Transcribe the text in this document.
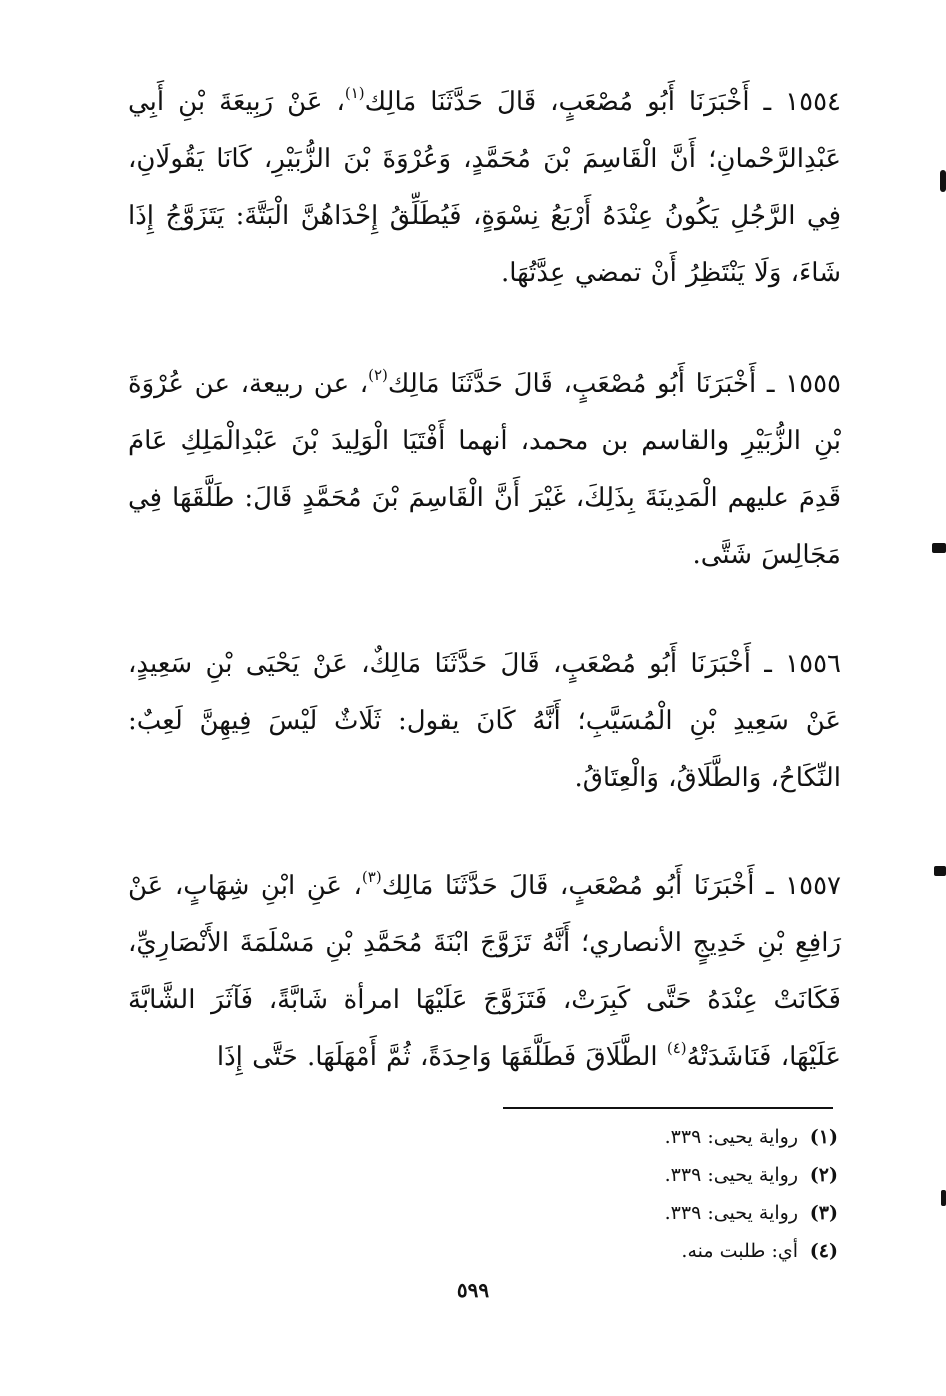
١٥٥٤ ـ أَخْبَرَنَا أَبُو مُصْعَبٍ، قَالَ حَدَّثَنَا مَالِك$^{(١)}$، عَنْ رَبِيعَةَ بْنِ أَبِي عَبْدِالرَّحْمانِ؛ أَنَّ الْقَاسِمَ بْنَ مُحَمَّدٍ، وَعُرْوَةَ بْنَ الزُّبَيْرِ، كَانَا يَقُولَانِ، فِي الرَّجُلِ يَكُونُ عِنْدَهُ أَرْبَعُ نِسْوَةٍ، فَيُطَلِّقُ إِحْدَاهُنَّ الْبَتَّةَ: يَتَزَوَّجُ إِذَا شَاءَ، وَلَا يَنْتَظِرُ أَنْ تمضي عِدَّتُهَا.
١٥٥٥ ـ أَخْبَرَنَا أَبُو مُصْعَبٍ، قَالَ حَدَّثَنَا مَالِك$^{(٢)}$، عن ربيعة، عن عُرْوَةَ بْنِ الزُّبَيْرِ والقاسم بن محمد، أنهما أَفْتَيَا الْوَلِيدَ بْنَ عَبْدِالْمَلِكِ عَامَ قَدِمَ عليهم الْمَدِينَةَ بِذَلِكَ، غَيْرَ أَنَّ الْقَاسِمَ بْنَ مُحَمَّدٍ قَالَ: طَلَّقَهَا فِي مَجَالِسَ شَتَّى.
١٥٥٦ ـ أَخْبَرَنَا أَبُو مُصْعَبٍ، قَالَ حَدَّثَنَا مَالِكٌ، عَنْ يَحْيَى بْنِ سَعِيدٍ، عَنْ سَعِيدِ بْنِ الْمُسَيَّبِ؛ أَنَّهُ كَانَ يقول: ثَلَاثٌ لَيْسَ فِيهِنَّ لَعِبٌ: النِّكَاحُ، وَالطَّلَاقُ، وَالْعِتَاقُ.
١٥٥٧ ـ أَخْبَرَنَا أَبُو مُصْعَبٍ، قَالَ حَدَّثَنَا مَالِك$^{(٣)}$، عَنِ ابْنِ شِهَابٍ، عَنْ رَافِعِ بْنِ خَدِيجٍ الأنصاري؛ أَنَّهُ تَزَوَّجَ ابْنَةَ مُحَمَّدِ بْنِ مَسْلَمَةَ الأَنْصَارِيِّ، فَكَانَتْ عِنْدَهُ حَتَّى كَبِرَتْ، فَتَزَوَّجَ عَلَيْهَا امرأة شَابَّةً، فَآثَرَ الشَّابَّةَ عَلَيْهَا، فَنَاشَدَتْهُ$^{(٤)}$ الطَّلَاقَ فَطَلَّقَهَا وَاحِدَةً، ثُمَّ أَمْهَلَهَا. حَتَّى إِذَا
(١)رواية يحيى: ٣٣٩.
(٢)رواية يحيى: ٣٣٩.
(٣)رواية يحيى: ٣٣٩.
(٤)أي: طلبت منه.
٥٩٩
